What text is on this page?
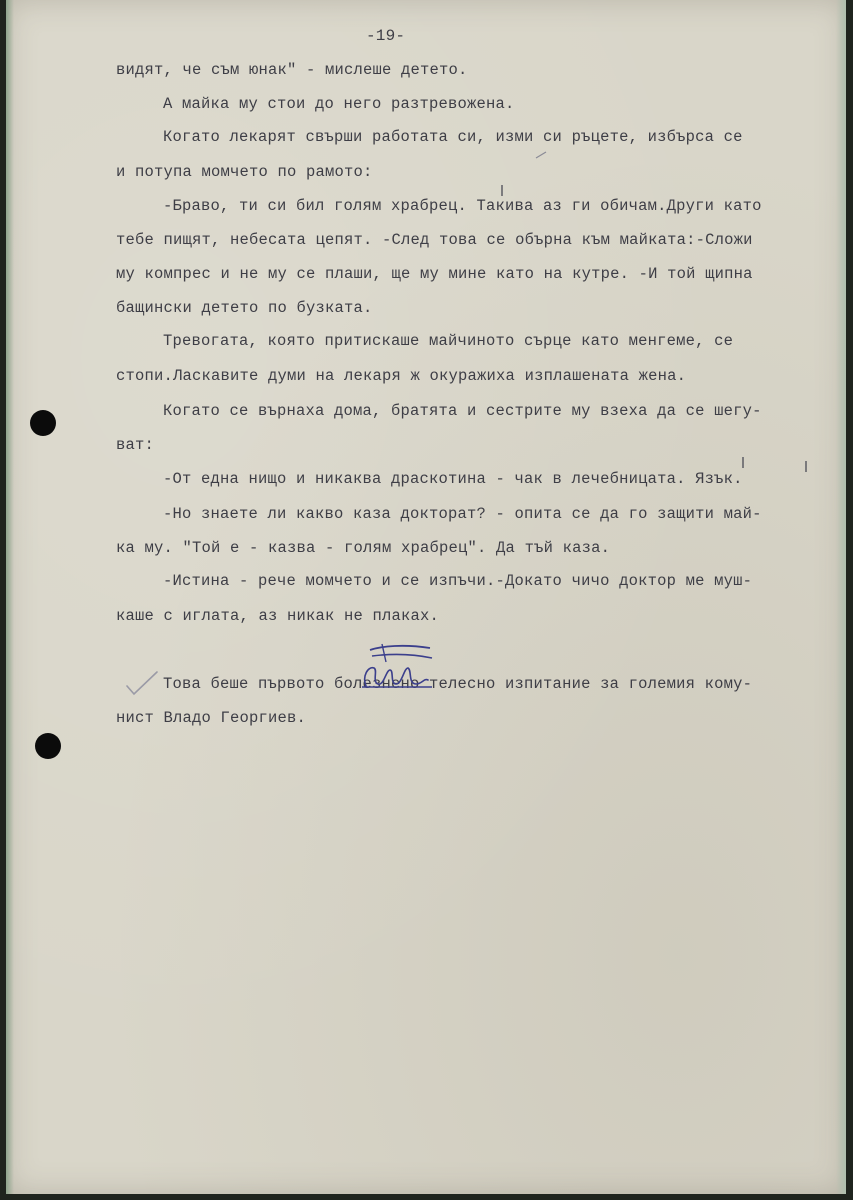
-19-
видят, че съм юнак" - мислеше детето.
А майка му стои до него разтревожена.
Когато лекарят свърши работата си, изми си ръцете, избърса се
и потупа момчето по рамото:
-Браво, ти си бил голям храбрец. Такива аз ги обичам.Други като
тебе пищят, небесата цепят. -След това се обърна към майката:-Сложи
му компрес и не му се плаши, ще му мине като на кутре. -И той щипна
бащински детето по бузката.
Тревогата, която притискаше майчиното сърце като менгеме, се
стопи.Ласкавите думи на лекаря ж окуражиха изплашената жена.
Когато се върнаха дома, братята и сестрите му взеха да се шегу-
ват:
-От една нищо и никаква драскотина - чак в лечебницата. Язък.
-Но знаете ли какво каза докторат? - опита се да го защити май-
ка му. "Той е - казва - голям храбрец". Да тъй каза.
-Истина - рече момчето и се изпъчи.-Докато чичо доктор ме муш-
каше с иглата, аз никак не плаках.
Това беше първото болезнено телесно изпитание за големия кому-
нист Владо Георгиев.
